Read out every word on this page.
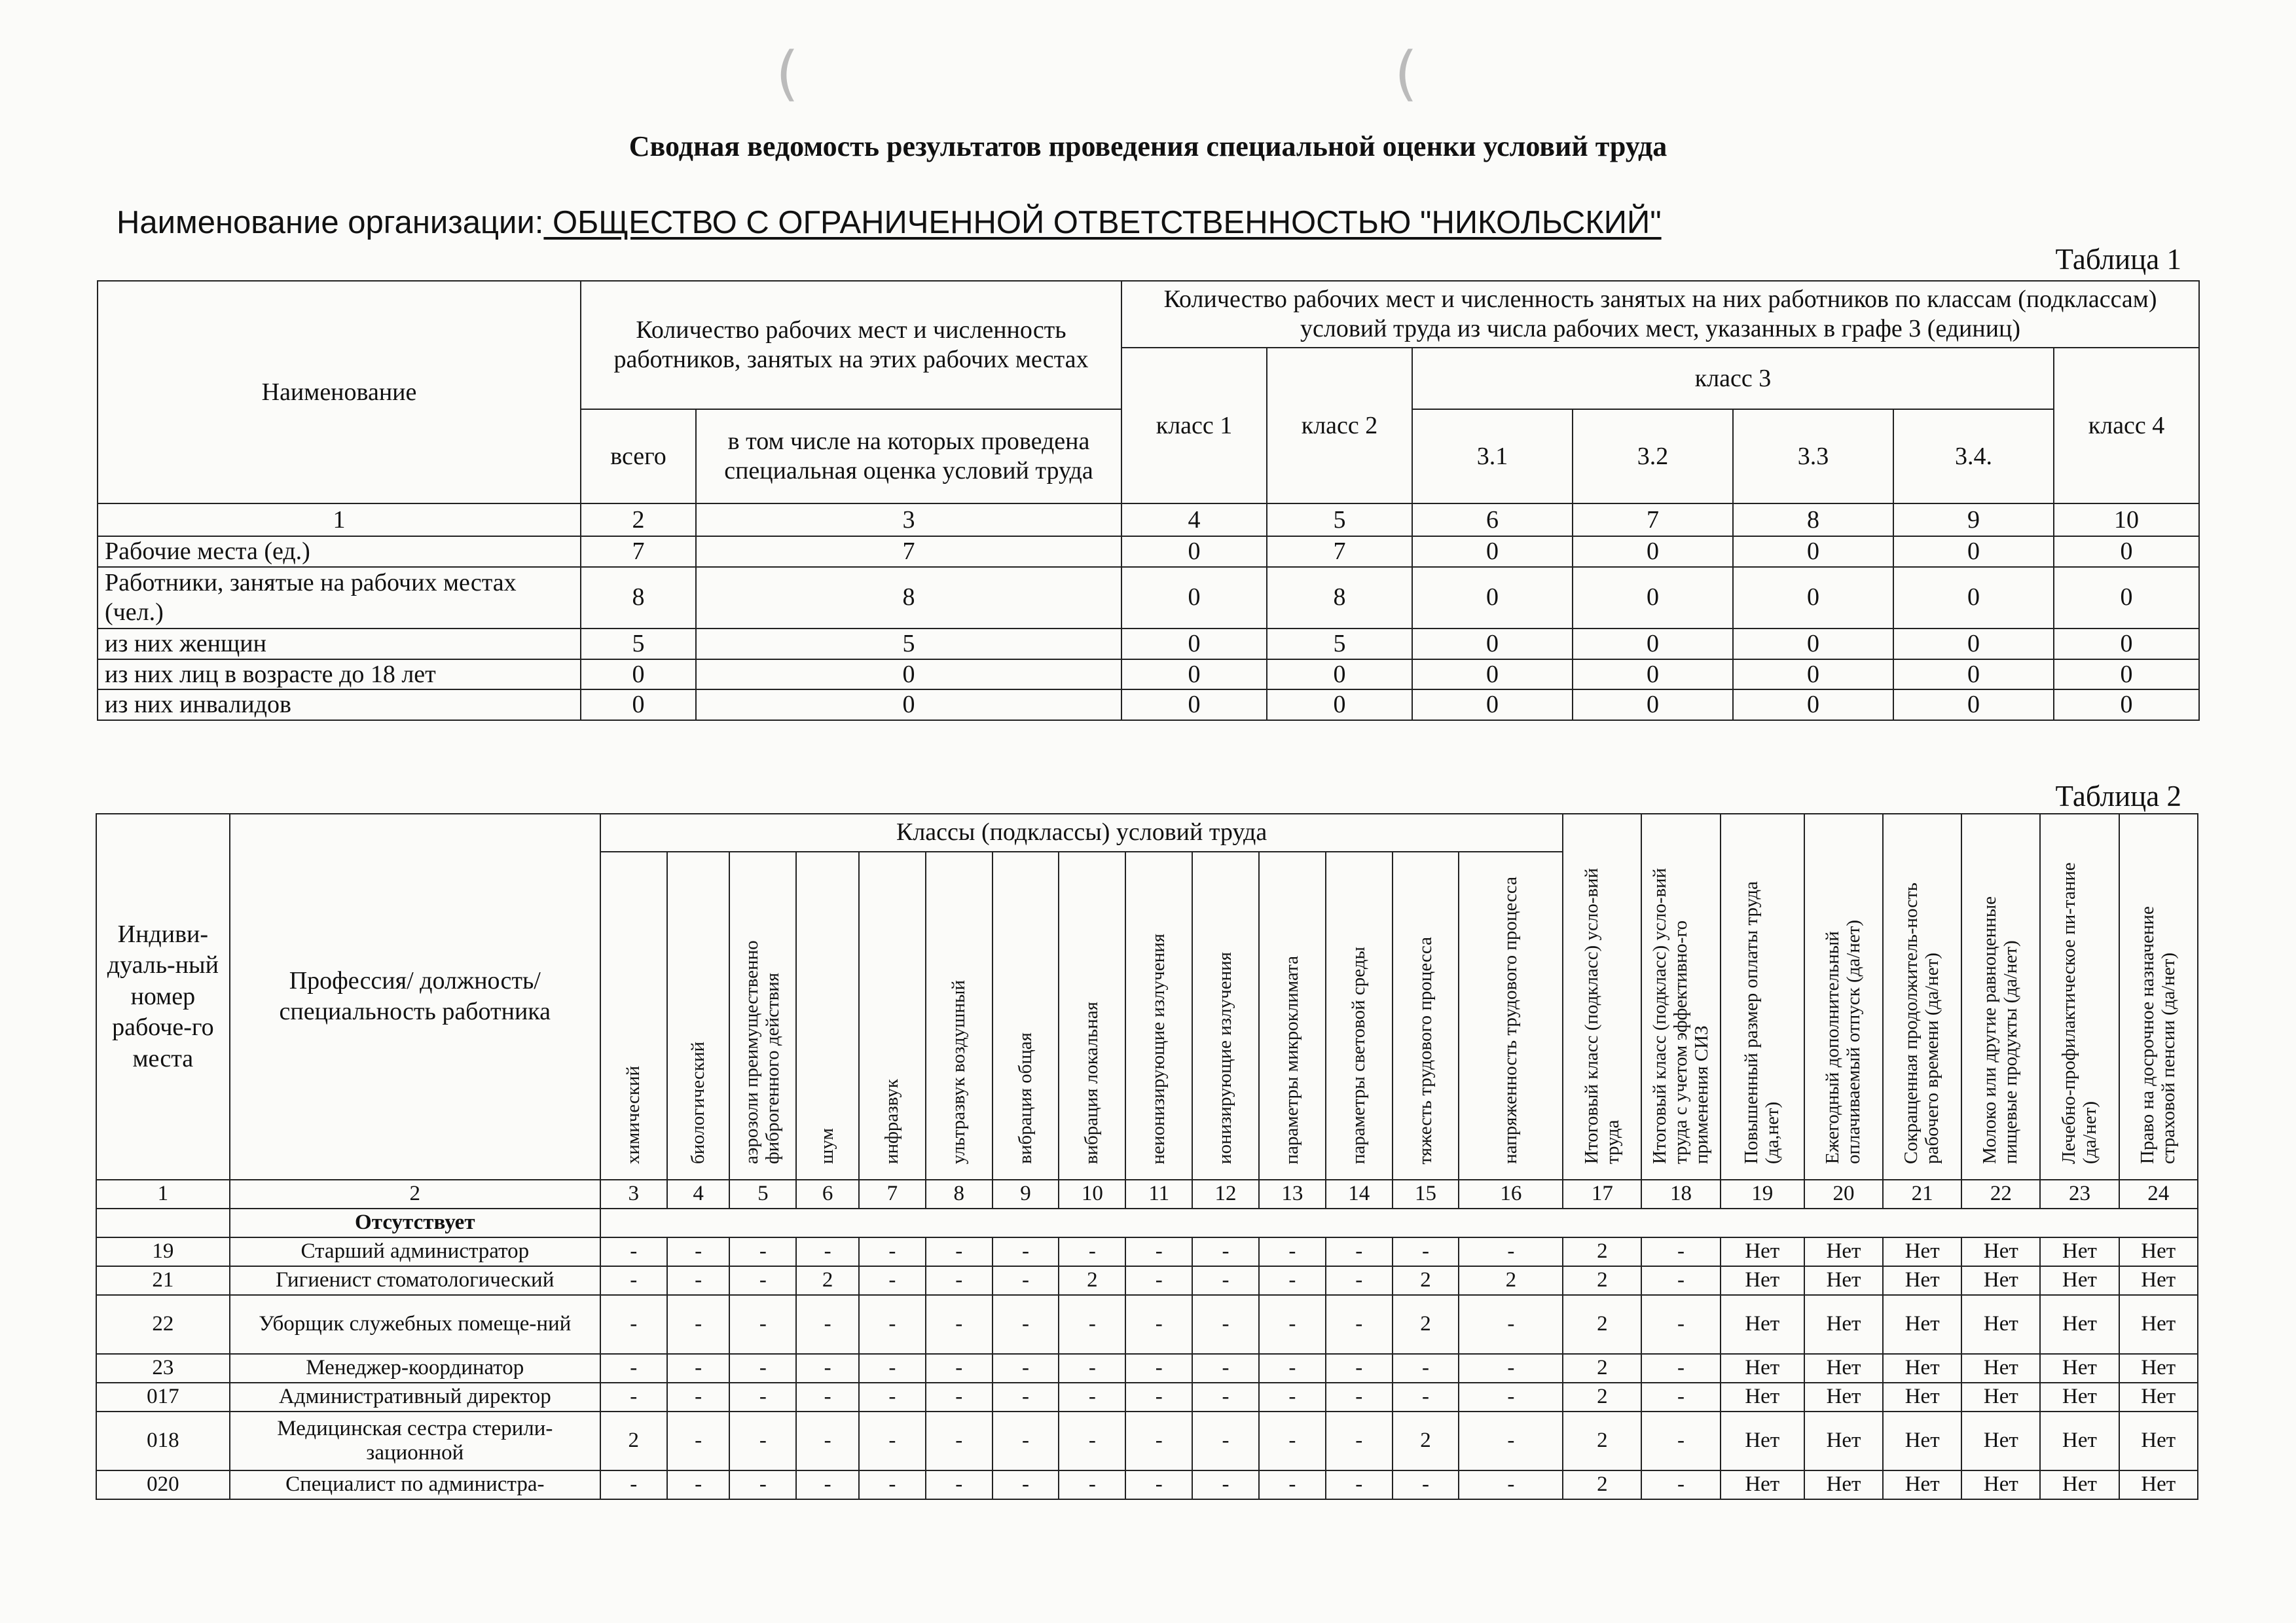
(	(
Сводная ведомость результатов проведения специальной оценки условий труда
Наименование организации: ОБЩЕСТВО С ОГРАНИЧЕННОЙ ОТВЕТСТВЕННОСТЬЮ "НИКОЛЬСКИЙ"
Таблица 1
Наименование	Количество рабочих мест и численность работников, занятых на этих рабочих местах		Количество рабочих мест и численность занятых на них работников по классам (подклассам) условий труда из числа рабочих мест, указанных в графе 3 (единиц)						
			класс 1	класс 2	класс 3				класс 4
	всего	в том числе на которых проведена специальная оценка условий труда			3.1	3.2	3.3	3.4.	
1	2	3	4	5	6	7	8	9	10
Рабочие места (ед.)	7	7	0	7	0	0	0	0	0
Работники, занятые на рабочих местах (чел.)	8	8	0	8	0	0	0	0	0
из них женщин	5	5	0	5	0	0	0	0	0
из них лиц в возрасте до 18 лет	0	0	0	0	0	0	0	0	0
из них инвалидов	0	0	0	0	0	0	0	0	0
Таблица 2
Индиви-дуаль-ный номер рабоче-го места	Профессия/ должность/ специальность работника	Классы (подклассы) условий труда														Итоговый класс (подкласс) усло-вий труда	Итоговый класс (подкласс) усло-вий труда с учетом эффективно-го применения СИЗ	Повышенный размер оплаты труда (да,нет)	Ежегодный дополнительный оплачиваемый отпуск (да/нет)	Сокращенная продолжитель-ность рабочего времени (да/нет)	Молоко или другие равноценные пищевые продукты (да/нет)	Лечебно-профилактическое пи-тание (да/нет)	Право на досрочное назначение страховой пенсии (да/нет)
		химический	биологический	аэрозоли преимущественно фиброгенного действия	шум	инфразвук	ультразвук воздушный	вибрация общая	вибрация локальная	неионизирующие излучения	ионизирующие излучения	параметры микроклимата	параметры световой среды	тяжесть трудового процесса	напряженность трудового процесса								
1	2	3	4	5	6	7	8	9	10	11	12	13	14	15	16	17	18	19	20	21	22	23	24
	Отсутствует																						
19	Старший администратор	-	-	-	-	-	-	-	-	-	-	-	-	-	-	2	-	Нет	Нет	Нет	Нет	Нет	Нет
21	Гигиенист стоматологический	-	-	-	2	-	-	-	2	-	-	-	-	2	2	2	-	Нет	Нет	Нет	Нет	Нет	Нет
22	Уборщик служебных помеще-ний	-	-	-	-	-	-	-	-	-	-	-	-	2	-	2	-	Нет	Нет	Нет	Нет	Нет	Нет
23	Менеджер-координатор	-	-	-	-	-	-	-	-	-	-	-	-	-	-	2	-	Нет	Нет	Нет	Нет	Нет	Нет
017	Административный директор	-	-	-	-	-	-	-	-	-	-	-	-	-	-	2	-	Нет	Нет	Нет	Нет	Нет	Нет
018	Медицинская сестра стерили-зационной	2	-	-	-	-	-	-	-	-	-	-	-	2	-	2	-	Нет	Нет	Нет	Нет	Нет	Нет
020	Специалист по администра-	-	-	-	-	-	-	-	-	-	-	-	-	-	-	2	-	Нет	Нет	Нет	Нет	Нет	Нет
